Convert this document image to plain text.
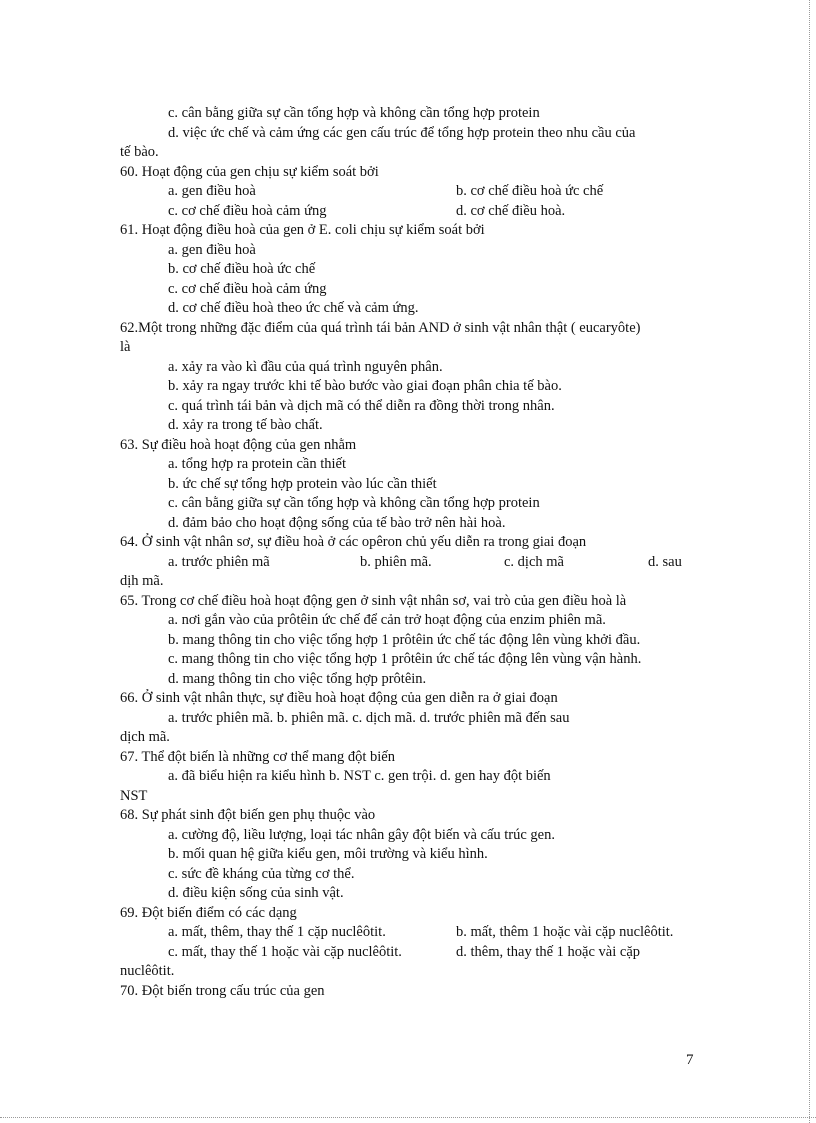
c. cân bằng giữa sự cần tổng hợp và không cần tổng hợp protein
d. việc ức chế và cảm ứng các gen cấu trúc để tổng hợp protein theo nhu cầu của
tế bào.
60. Hoạt động của gen chịu sự kiểm soát bởi
a. gen điều hoà	b. cơ chế điều hoà ức chế
c. cơ chế điều hoà cảm ứng	d. cơ chế điều hoà.
61. Hoạt động điều hoà của gen ở E. coli chịu sự kiểm soát bởi
a. gen điều hoà
b. cơ chế điều hoà ức chế
c. cơ chế điều hoà cảm ứng
d. cơ chế điều hoà theo ức chế và cảm ứng.
62.Một trong những đặc điểm của quá trình tái bản AND ở sinh vật nhân thật ( eucaryôte)
là
a. xảy ra vào kì đầu của quá trình nguyên phân.
b. xảy ra ngay trước khi tế bào bước vào giai đoạn phân chia tế bào.
c. quá trình tái bản và dịch mã có thể diễn ra đồng thời trong nhân.
d. xảy ra trong tế bào chất.
63. Sự điều hoà hoạt động của gen nhằm
a. tổng hợp ra protein cần thiết
b. ức chế sự tổng hợp protein vào lúc cần thiết
c. cân bằng giữa sự cần tổng hợp và không cần tổng hợp protein
d. đảm bảo cho hoạt động sống của tế bào trở nên hài hoà.
64. Ở sinh vật nhân sơ, sự điều hoà ở các opêron chủ yếu diễn ra trong giai đoạn
a. trước phiên mã	b. phiên mã.	c. dịch mã	d. sau
dịh mã.
65. Trong cơ chế điều hoà hoạt động gen ở sinh vật nhân sơ, vai trò của gen điều hoà là
a. nơi gắn vào của prôtêin ức chế để cản trở hoạt động của enzim phiên mã.
b. mang thông tin cho việc tổng hợp 1 prôtêin ức chế tác động lên vùng khởi đầu.
c. mang thông tin cho việc tổng hợp 1 prôtêin ức chế tác động lên vùng vận hành.
d. mang thông tin cho việc tổng hợp prôtêin.
66. Ở sinh vật nhân thực, sự điều hoà hoạt động của gen diễn ra ở giai đoạn
a. trước phiên mã. b. phiên mã. c. dịch mã. d. trước phiên mã đến sau
dịch mã.
67. Thể đột biến là những cơ thể mang đột biến
a. đã biểu hiện ra kiểu hình b. NST c. gen trội. d. gen hay đột biến
NST
68. Sự phát sinh đột biến gen phụ thuộc vào
a. cường độ, liều lượng, loại tác nhân gây đột biến và cấu trúc gen.
b. mối quan hệ giữa kiểu gen, môi trường và kiểu hình.
c. sức đề kháng của từng cơ thể.
d. điều kiện sống của sinh vật.
69. Đột biến điểm có các dạng
a. mất, thêm, thay thế 1 cặp nuclêôtit.	b. mất, thêm 1 hoặc vài cặp nuclêôtit.
c. mất, thay thế 1 hoặc vài cặp nuclêôtit.	d. thêm, thay thế 1 hoặc vài cặp
nuclêôtit.
70. Đột biến trong cấu trúc của gen
7
